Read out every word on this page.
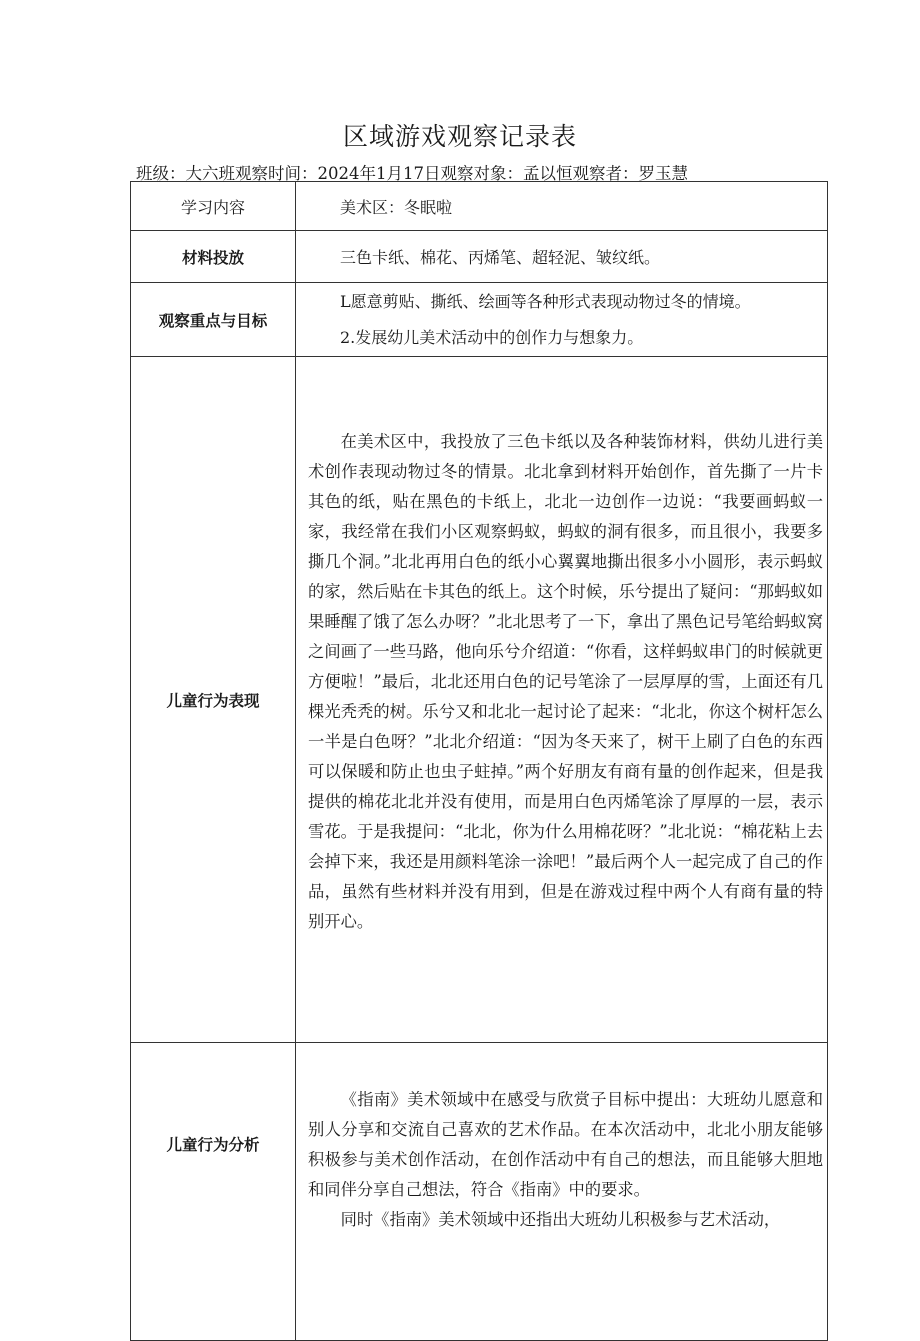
区域游戏观察记录表
班级：大六班观察时间：2024年1月17日观察对象：孟以恒观察者：罗玉慧
学习内容	美术区：冬眠啦
材料投放	三色卡纸、棉花、丙烯笔、超轻泥、皱纹纸。
观察重点与目标	L愿意剪贴、撕纸、绘画等各种形式表现动物过冬的情境。

2.发展幼儿美术活动中的创作力与想象力。

儿童行为表现	在美术区中，我投放了三色卡纸以及各种装饰材料，供幼儿进行美术创作表现动物过冬的情景。北北拿到材料开始创作，首先撕了一片卡其色的纸，贴在黑色的卡纸上，北北一边创作一边说：“我要画蚂蚁一家，我经常在我们小区观察蚂蚁，蚂蚁的洞有很多，而且很小，我要多撕几个洞。”北北再用白色的纸小心翼翼地撕出很多小小圆形，表示蚂蚁的家，然后贴在卡其色的纸上。这个时候，乐兮提出了疑问：“那蚂蚁如果睡醒了饿了怎么办呀？”北北思考了一下，拿出了黑色记号笔给蚂蚁窝之间画了一些马路，他向乐兮介绍道：“你看，这样蚂蚁串门的时候就更方便啦！”最后，北北还用白色的记号笔涂了一层厚厚的雪，上面还有几棵光秃秃的树。乐兮又和北北一起讨论了起来：“北北，你这个树杆怎么一半是白色呀？”北北介绍道：“因为冬天来了，树干上刷了白色的东西可以保暖和防止也虫子蛀掉。”两个好朋友有商有量的创作起来，但是我提供的棉花北北并没有使用，而是用白色丙烯笔涂了厚厚的一层，表示雪花。于是我提问：“北北，你为什么用棉花呀？”北北说：“棉花粘上去会掉下来，我还是用颜料笔涂一涂吧！”最后两个人一起完成了自己的作品，虽然有些材料并没有用到，但是在游戏过程中两个人有商有量的特别开心。

儿童行为分析	《指南》美术领域中在感受与欣赏子目标中提出：大班幼儿愿意和别人分享和交流自己喜欢的艺术作品。在本次活动中，北北小朋友能够积极参与美术创作活动，在创作活动中有自己的想法，而且能够大胆地和同伴分享自己想法，符合《指南》中的要求。

同时《指南》美术领域中还指出大班幼儿积极参与艺术活动，
